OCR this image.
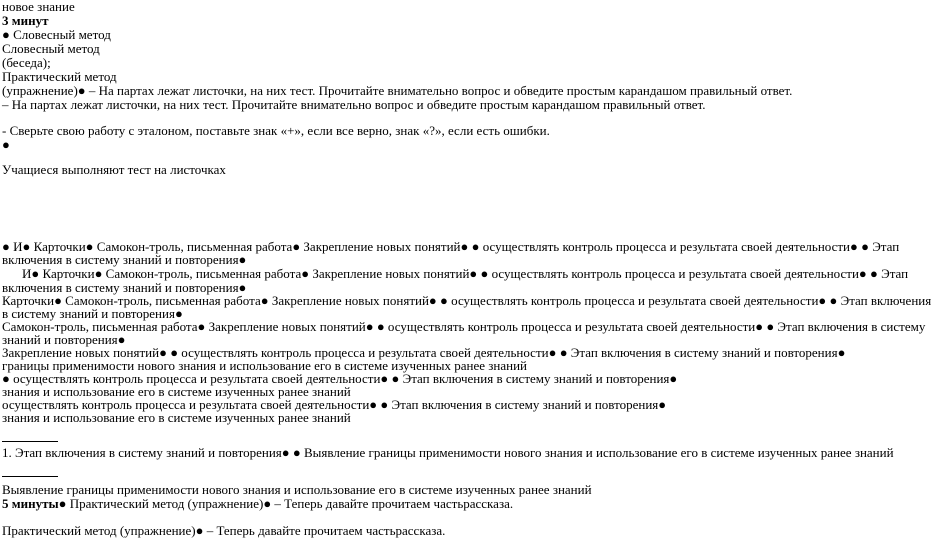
новое знание
3 минут
● Словесный метод
Словесный метод
(беседа);
Практический метод
(упражнение)● – На партах лежат листочки, на них тест. Прочитайте внимательно вопрос и обведите простым карандашом правильный ответ.
– На партах лежат листочки, на них тест. Прочитайте внимательно вопрос и обведите простым карандашом правильный ответ.
- Сверьте свою работу с эталоном, поставьте знак «+», если все верно, знак «?», если есть ошибки.
●
Учащиеся выполняют тест на листочках
● И● Карточки● Самокон-троль, письменная работа● Закрепление новых понятий● ● осуществлять контроль процесса и результата своей деятельности● ● Этап
включения в систему знаний и повторения●
И● Карточки● Самокон-троль, письменная работа● Закрепление новых понятий● ● осуществлять контроль процесса и результата своей деятельности● ● Этап
включения в систему знаний и повторения●
Карточки● Самокон-троль, письменная работа● Закрепление новых понятий● ● осуществлять контроль процесса и результата своей деятельности● ● Этап включения
в систему знаний и повторения●
Самокон-троль, письменная работа● Закрепление новых понятий● ● осуществлять контроль процесса и результата своей деятельности● ● Этап включения в систему
знаний и повторения●
Закрепление новых понятий● ● осуществлять контроль процесса и результата своей деятельности● ● Этап включения в систему знаний и повторения●
границы применимости нового знания и использование его в системе изученных ранее знаний
● осуществлять контроль процесса и результата своей деятельности● ● Этап включения в систему знаний и повторения●
знания и использование его в системе изученных ранее знаний
осуществлять контроль процесса и результата своей деятельности● ● Этап включения в систему знаний и повторения●
знания и использование его в системе изученных ранее знаний
1. Этап включения в систему знаний и повторения● ● Выявление границы применимости нового знания и использование его в системе изученных ранее знаний
Выявление границы применимости нового знания и использование его в системе изученных ранее знаний
5 минуты● Практический метод (упражнение)● – Теперь давайте прочитаем частьрассказа.
Практический метод (упражнение)● – Теперь давайте прочитаем частьрассказа.
